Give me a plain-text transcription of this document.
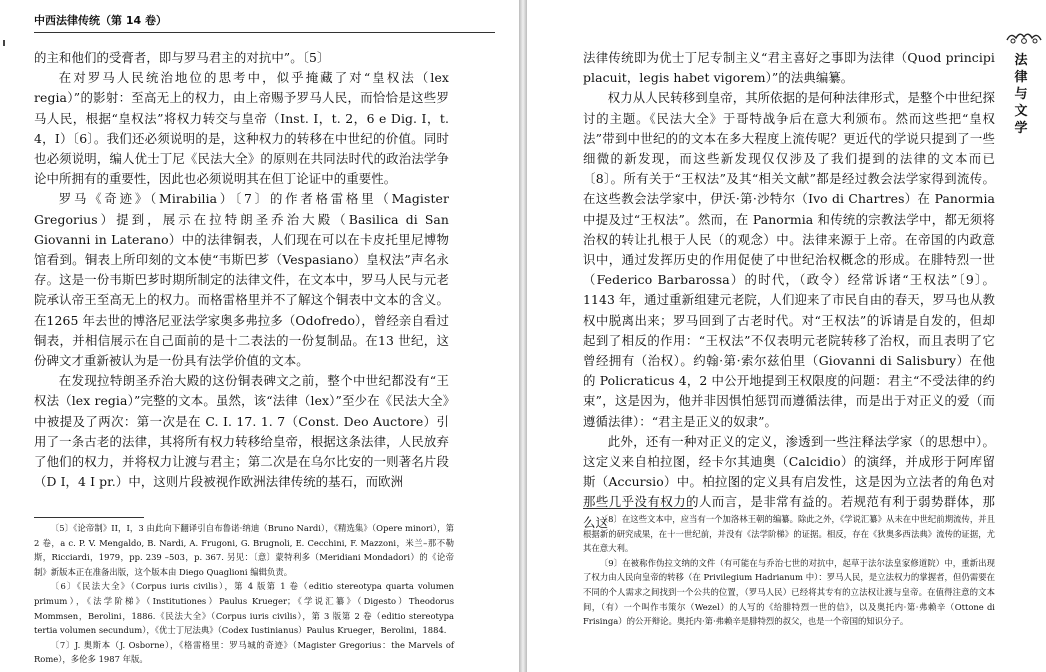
中西法律传统（第 14 卷）

的主和他们的受膏者，即与罗马君主的对抗中”。〔5〕

在对罗马人民统治地位的思考中，似乎掩藏了对“皇权法（lex regia）”的影射：至高无上的权力，由上帝赐予罗马人民，而恰恰是这些罗马人民，根据“皇权法”将权力转交与皇帝（Inst. I，t. 2，6 e Dig. I，t. 4，I）〔6〕。我们还必须说明的是，这种权力的转移在中世纪的价值。同时也必须说明，编人优士丁尼《民法大全》的原则在共同法时代的政治法学争论中所拥有的重要性，因此也必须说明其在但丁论证中的重要性。

罗马《奇迹》（Mirabilia）〔7〕的作者格雷格里（Magister Gregorius）提到，展示在拉特朗圣乔治大殿（Basilica di San Giovanni in Laterano）中的法律铜表，人们现在可以在卡皮托里尼博物馆看到。铜表上所印刻的文本使“韦斯巴芗（Vespasiano）皇权法”声名永存。这是一份韦斯巴芗时期所制定的法律文件，在文本中，罗马人民与元老院承认帝王至高无上的权力。而格雷格里并不了解这个铜表中文本的含义。在1265 年去世的博洛尼亚法学家奥多弗拉多（Odofredo），曾经亲自看过铜表，并相信展示在自己面前的是十二表法的一份复制品。在13 世纪，这份碑文才重新被认为是一份具有法学价值的文本。

在发现拉特朗圣乔治大殿的这份铜表碑文之前，整个中世纪都没有“王权法（lex regia）”完整的文本。虽然，该“法律（lex）”至少在《民法大全》中被提及了两次：第一次是在 C. I. 17. 1. 7（Const. Deo Auctore）引用了一条古老的法律，其将所有权力转移给皇帝，根据这条法律，人民放弃了他们的权力，并将权力让渡与君主；第二次是在乌尔比安的一则著名片段（D I，4 I pr.）中，这则片段被视作欧洲法律传统的基石，而欧洲

〔5〕《论帝制》II，I，3 由此向下翻译引自布鲁诺·纳迪（Bruno Nardi），《精选集》（Opere minori），第 2 卷，a c. P. V. Mengaldo, B. Nardi, A. Frugoni, G. Brugnoli, E. Cecchini, F. Mazzoni，米兰–那不勒斯，Ricciardi，1979，pp. 239 –503，p. 367. 另见：〔意〕蒙特利多（Meridiani Mondadori）的《论帝制》新版本正在准备出版，这个版本由 Diego Quaglioni 编辑负责。

〔6〕《民法大全》（Corpus iuris civilis），第 4 版第 1 卷（editio stereotypa quarta volumen primum），《法学阶梯》（Institutiones）Paulus Krueger；《学说汇纂》（Digesto）Theodorus Mommsen，Berolini，1886.《民法大全》（Corpus iuris civilis），第 3 版第 2 卷（editio stereotypa tertia volumen secundum），《优士丁尼法典》（Codex Iustinianus）Paulus Krueger，Berolini，1884.

〔7〕J. 奥斯本（J. Osborne），《格雷格里：罗马城的奇迹》（Magister Gregorius：the Marvels of Rome），多伦多 1987 年版。

法律与文学

法律传统即为优士丁尼专制主义“君主喜好之事即为法律（Quod principi placuit，legis habet vigorem）”的法典编纂。

权力从人民转移到皇帝，其所依据的是何种法律形式，是整个中世纪探讨的主题。《民法大全》于哥特战争后在意大利颁布。然而这些把“皇权法”带到中世纪的的文本在多大程度上流传呢？更近代的学说只提到了一些细微的新发现，而这些新发现仅仅涉及了我们提到的法律的文本而已〔8〕。所有关于“王权法”及其“相关文献”都是经过教会法学家得到流传。在这些教会法学家中，伊沃·第·沙特尔（Ivo di Chartres）在 Panormia 中提及过“王权法”。然而，在 Panormia 和传统的宗教法学中，都无须将治权的转让扎根于人民（的观念）中。法律来源于上帝。在帝国的内政意识中，通过发挥历史的作用促使了中世纪治权概念的形成。在腓特烈一世（Federico Barbarossa）的时代，（政令）经常诉诸“王权法”〔9〕。1143 年，通过重新组建元老院，人们迎来了市民自由的春天，罗马也从教权中脱离出来；罗马回到了古老时代。对“王权法”的诉请是自发的，但却起到了相反的作用：“王权法”不仅表明元老院转移了治权，而且表明了它曾经拥有（治权）。约翰·第·索尔兹伯里（Giovanni di Salisbury）在他的 Policraticus 4，2 中公开地提到王权限度的问题：君主“不受法律的约束”，这是因为，他并非因惧怕惩罚而遵循法律，而是出于对正义的爱（而遵循法律）：“君主是正义的奴隶”。

此外，还有一种对正义的定义，渗透到一些注释法学家（的思想中）。这定义来自柏拉图，经卡尔其迪奥（Calcidio）的演绎，并成形于阿库留斯（Accursio）中。柏拉图的定义具有启发性，这是因为立法者的角色对那些几乎没有权力的人而言，是非常有益的。若规范有利于弱势群体，那么这

〔8〕在这些文本中，应当有一个加洛林王朝的编纂。除此之外，《学说汇纂》从未在中世纪前期流传，并且根据新的研究成果，在十一世纪前，并没有《法学阶梯》的证据。相反，存在《狄奥多西法典》流传的证据，尤其在意大利。

〔9〕在被称作伪拉文纳的文件（有可能在与乔治七世的对抗中，起草于法尔法皇家修道院）中，重新出现了权力由人民向皇帝的转移（在 Privilegium Hadrianum 中）：罗马人民，是立法权力的掌握者，但仍需要在不同的个人需求之间找到一个公共的位置，（罗马人民）已经将其专有的立法权让渡与皇帝。在值得注意的文本间，（有）一个叫作韦策尔（Wezel）的人写的《给腓特烈一世的信》，以及奥托内·第·弗赖辛（Ottone di Frisinga）的公开辩论。奥托内·第·弗赖辛是腓特烈的叔父，也是一个帝国的知识分子。
